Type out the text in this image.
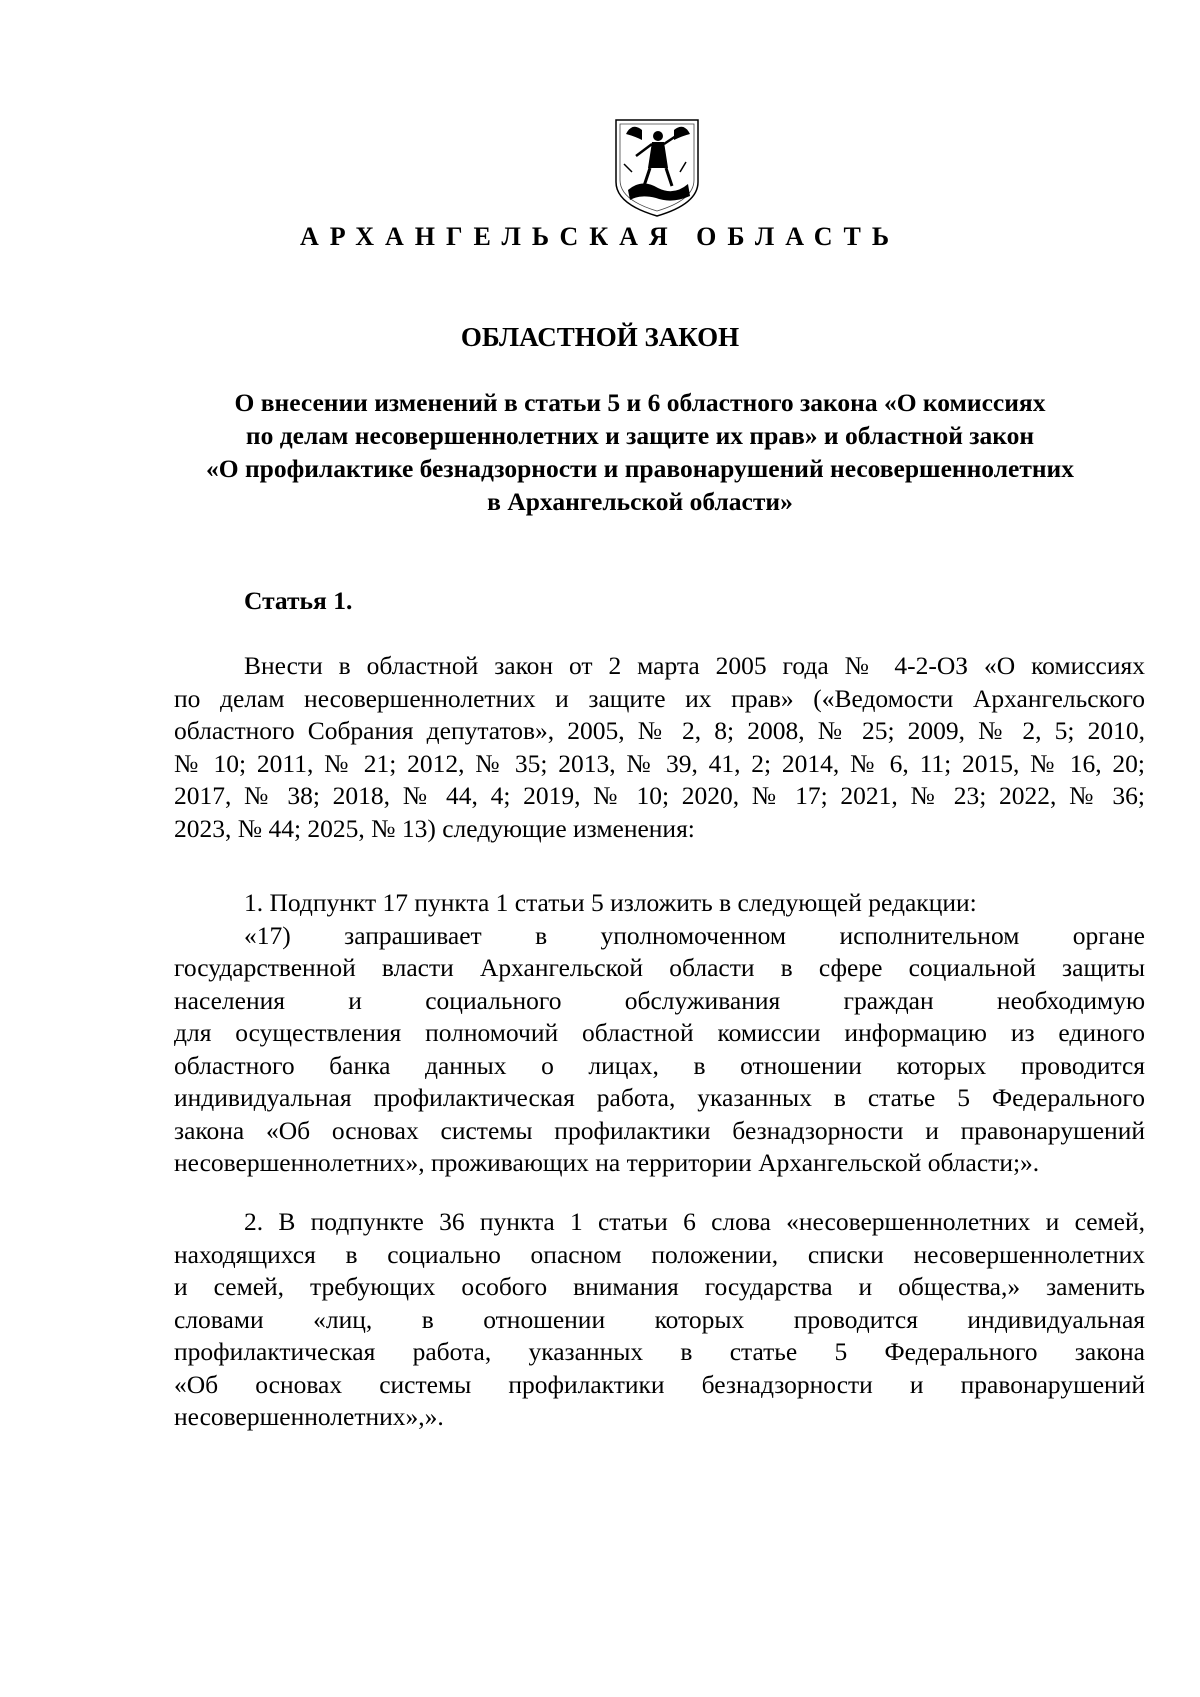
АРХАНГЕЛЬСКАЯ ОБЛАСТЬ
ОБЛАСТНОЙ ЗАКОН
О внесении изменений в статьи 5 и 6 областного закона «О комиссиях
по делам несовершеннолетних и защите их прав» и областной закон
«О профилактике безнадзорности и правонарушений несовершеннолетних
в Архангельской области»
Статья 1.
Внести в областной закон от 2 марта 2005 года № 4-2-ОЗ «О комиссиях
по делам несовершеннолетних и защите их прав» («Ведомости Архангельского
областного Собрания депутатов», 2005, № 2, 8; 2008, № 25; 2009, № 2, 5; 2010,
№ 10; 2011, № 21; 2012, № 35; 2013, № 39, 41, 2; 2014, № 6, 11; 2015, № 16, 20;
2017, № 38; 2018, № 44, 4; 2019, № 10; 2020, № 17; 2021, № 23; 2022, № 36;
2023, № 44; 2025, № 13) следующие изменения:
1. Подпункт 17 пункта 1 статьи 5 изложить в следующей редакции:
«17) запрашивает в уполномоченном исполнительном органе
государственной власти Архангельской области в сфере социальной защиты
населения и социального обслуживания граждан необходимую
для осуществления полномочий областной комиссии информацию из единого
областного банка данных о лицах, в отношении которых проводится
индивидуальная профилактическая работа, указанных в статье 5 Федерального
закона «Об основах системы профилактики безнадзорности и правонарушений
несовершеннолетних», проживающих на территории Архангельской области;».
2. В подпункте 36 пункта 1 статьи 6 слова «несовершеннолетних и семей,
находящихся в социально опасном положении, списки несовершеннолетних
и семей, требующих особого внимания государства и общества,» заменить
словами «лиц, в отношении которых проводится индивидуальная
профилактическая работа, указанных в статье 5 Федерального закона
«Об основах системы профилактики безнадзорности и правонарушений
несовершеннолетних»,».
